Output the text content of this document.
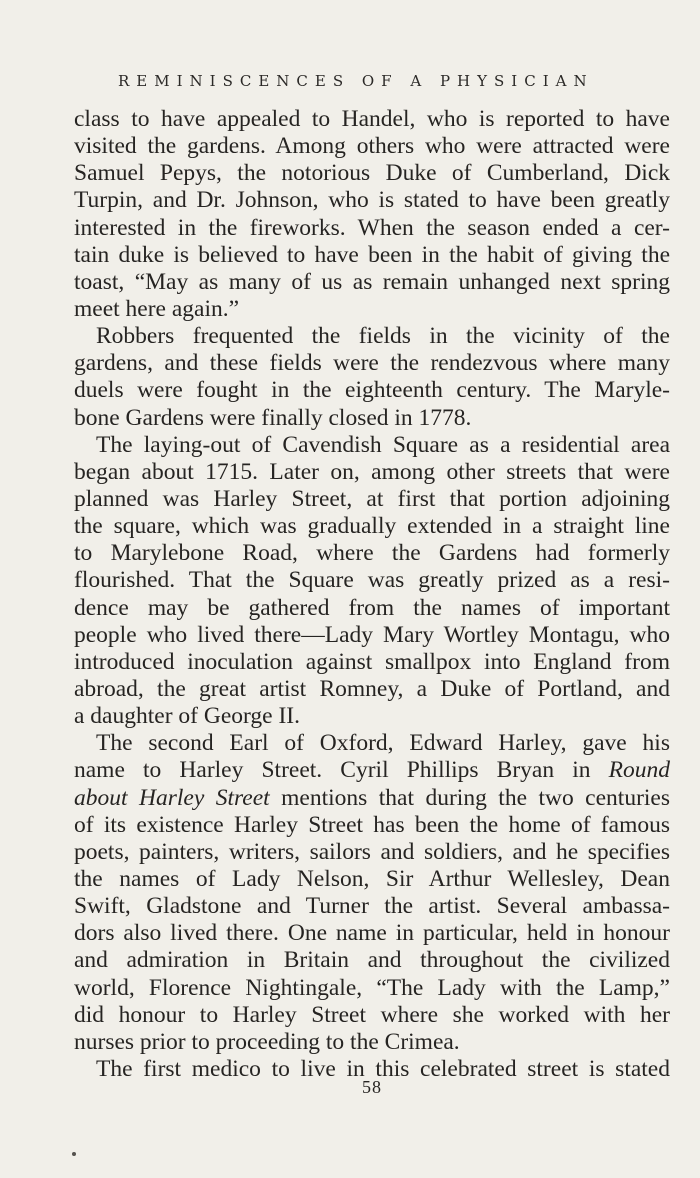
REMINISCENCES OF A PHYSICIAN
class to have appealed to Handel, who is reported to have
visited the gardens. Among others who were attracted were
Samuel Pepys, the notorious Duke of Cumberland, Dick
Turpin, and Dr. Johnson, who is stated to have been greatly
interested in the fireworks. When the season ended a cer-
tain duke is believed to have been in the habit of giving the
toast, “May as many of us as remain unhanged next spring
meet here again.”
Robbers frequented the fields in the vicinity of the
gardens, and these fields were the rendezvous where many
duels were fought in the eighteenth century. The Maryle-
bone Gardens were finally closed in 1778.
The laying-out of Cavendish Square as a residential area
began about 1715. Later on, among other streets that were
planned was Harley Street, at first that portion adjoining
the square, which was gradually extended in a straight line
to Marylebone Road, where the Gardens had formerly
flourished. That the Square was greatly prized as a resi-
dence may be gathered from the names of important
people who lived there—Lady Mary Wortley Montagu, who
introduced inoculation against smallpox into England from
abroad, the great artist Romney, a Duke of Portland, and
a daughter of George II.
The second Earl of Oxford, Edward Harley, gave his
name to Harley Street. Cyril Phillips Bryan in Round
about Harley Street mentions that during the two centuries
of its existence Harley Street has been the home of famous
poets, painters, writers, sailors and soldiers, and he specifies
the names of Lady Nelson, Sir Arthur Wellesley, Dean
Swift, Gladstone and Turner the artist. Several ambassa-
dors also lived there. One name in particular, held in honour
and admiration in Britain and throughout the civilized
world, Florence Nightingale, “The Lady with the Lamp,”
did honour to Harley Street where she worked with her
nurses prior to proceeding to the Crimea.
The first medico to live in this celebrated street is stated
58
